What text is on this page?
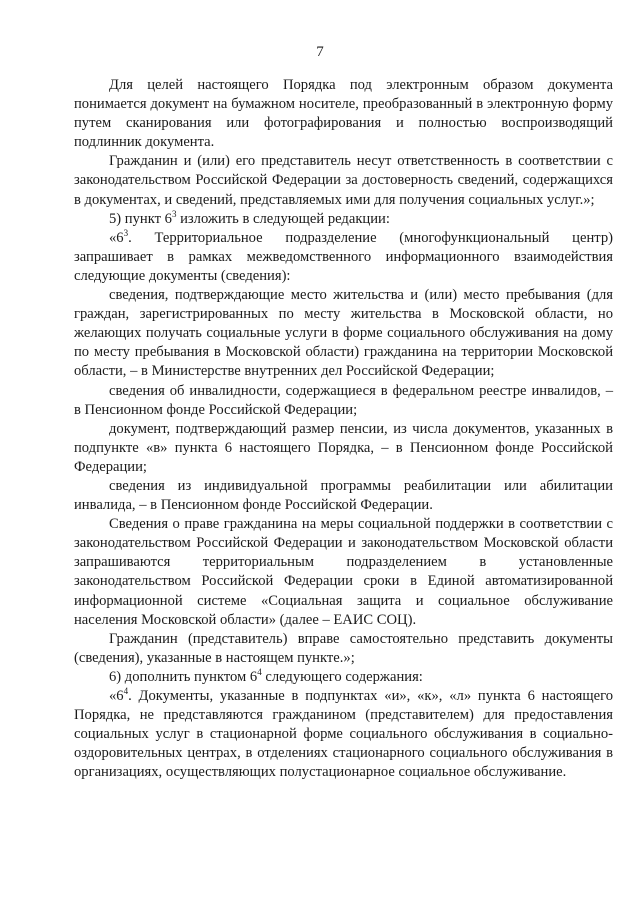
7

Для целей настоящего Порядка под электронным образом документа понимается документ на бумажном носителе, преобразованный в электронную форму путем сканирования или фотографирования и полностью воспроизводящий подлинник документа.

Гражданин и (или) его представитель несут ответственность в соответствии с законодательством Российской Федерации за достоверность сведений, содержащихся в документах, и сведений, представляемых ими для получения социальных услуг.»;

5) пункт $6^3$ изложить в следующей редакции:

«$6^3$. Территориальное подразделение (многофункциональный центр) запрашивает в рамках межведомственного информационного взаимодействия следующие документы (сведения):

сведения, подтверждающие место жительства и (или) место пребывания (для граждан, зарегистрированных по месту жительства в Московской области, но желающих получать социальные услуги в форме социального обслуживания на дому по месту пребывания в Московской области) гражданина на территории Московской области, – в Министерстве внутренних дел Российской Федерации;

сведения об инвалидности, содержащиеся в федеральном реестре инвалидов, – в Пенсионном фонде Российской Федерации;

документ, подтверждающий размер пенсии, из числа документов, указанных в подпункте «в» пункта 6 настоящего Порядка, – в Пенсионном фонде Российской Федерации;

сведения из индивидуальной программы реабилитации или абилитации инвалида, – в Пенсионном фонде Российской Федерации.

Сведения о праве гражданина на меры социальной поддержки в соответствии с законодательством Российской Федерации и законодательством Московской области запрашиваются территориальным подразделением в установленные законодательством Российской Федерации сроки в Единой автоматизированной информационной системе «Социальная защита и социальное обслуживание населения Московской области» (далее – ЕАИС СОЦ).

Гражданин (представитель) вправе самостоятельно представить документы (сведения), указанные в настоящем пункте.»;

6) дополнить пунктом $6^4$ следующего содержания:

«$6^4$. Документы, указанные в подпунктах «и», «к», «л» пункта 6 настоящего Порядка, не представляются гражданином (представителем) для предоставления социальных услуг в стационарной форме социального обслуживания в социально-оздоровительных центрах, в отделениях стационарного социального обслуживания в организациях, осуществляющих полустационарное социальное обслуживание.
